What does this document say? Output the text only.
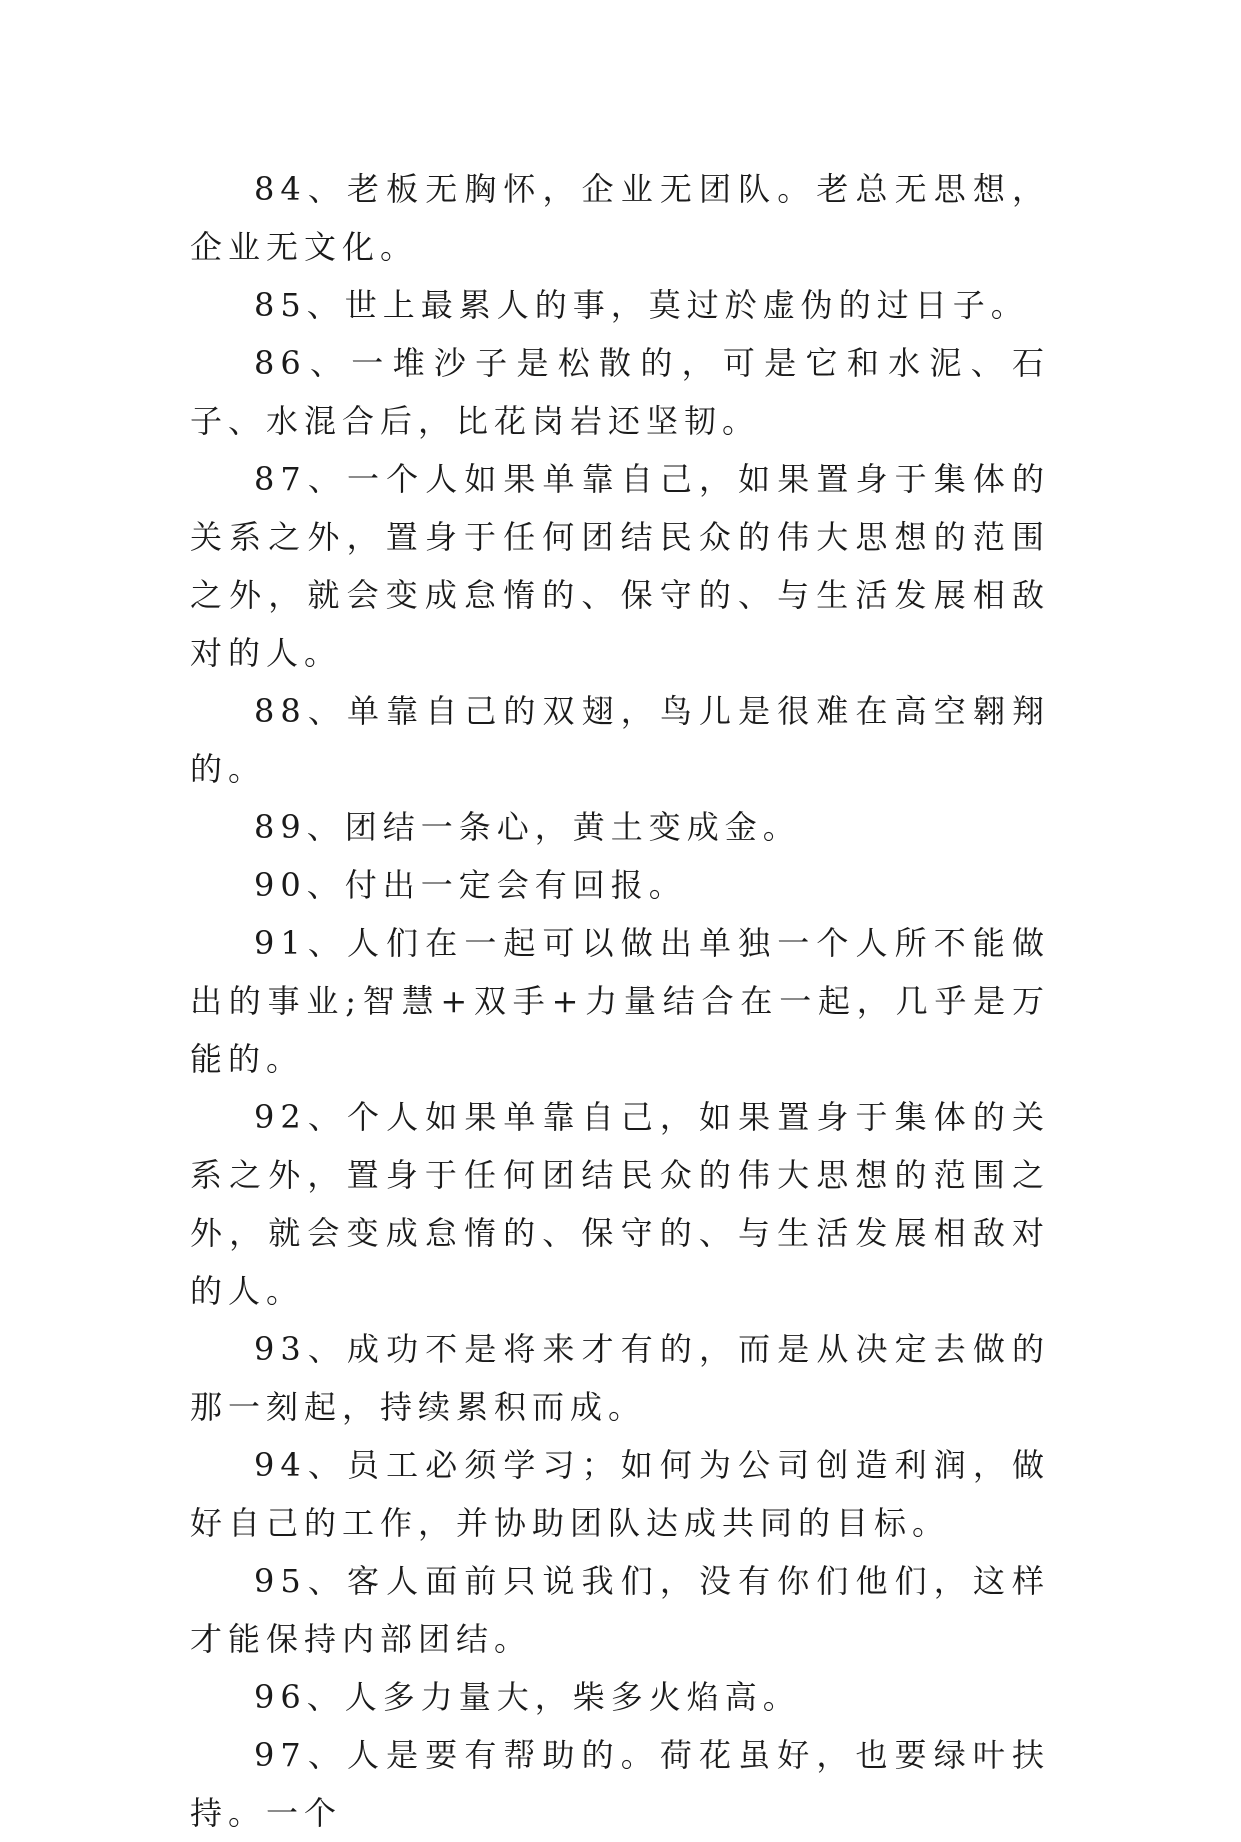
84、老板无胸怀，企业无团队。老总无思想，企业无文化。

85、世上最累人的事，莫过於虚伪的过日子。

86、一堆沙子是松散的，可是它和水泥、石子、水混合后，比花岗岩还坚韧。

87、一个人如果单靠自己，如果置身于集体的关系之外，置身于任何团结民众的伟大思想的范围之外，就会变成怠惰的、保守的、与生活发展相敌对的人。

88、单靠自己的双翅，鸟儿是很难在高空翱翔的。

89、团结一条心，黄土变成金。

90、付出一定会有回报。

91、人们在一起可以做出单独一个人所不能做出的事业;智慧+双手+力量结合在一起，几乎是万能的。

92、个人如果单靠自己，如果置身于集体的关系之外，置身于任何团结民众的伟大思想的范围之外，就会变成怠惰的、保守的、与生活发展相敌对的人。

93、成功不是将来才有的，而是从决定去做的那一刻起，持续累积而成。

94、员工必须学习；如何为公司创造利润，做好自己的工作，并协助团队达成共同的目标。

95、客人面前只说我们，没有你们他们，这样才能保持内部团结。

96、人多力量大，柴多火焰高。

97、人是要有帮助的。荷花虽好，也要绿叶扶持。一个
